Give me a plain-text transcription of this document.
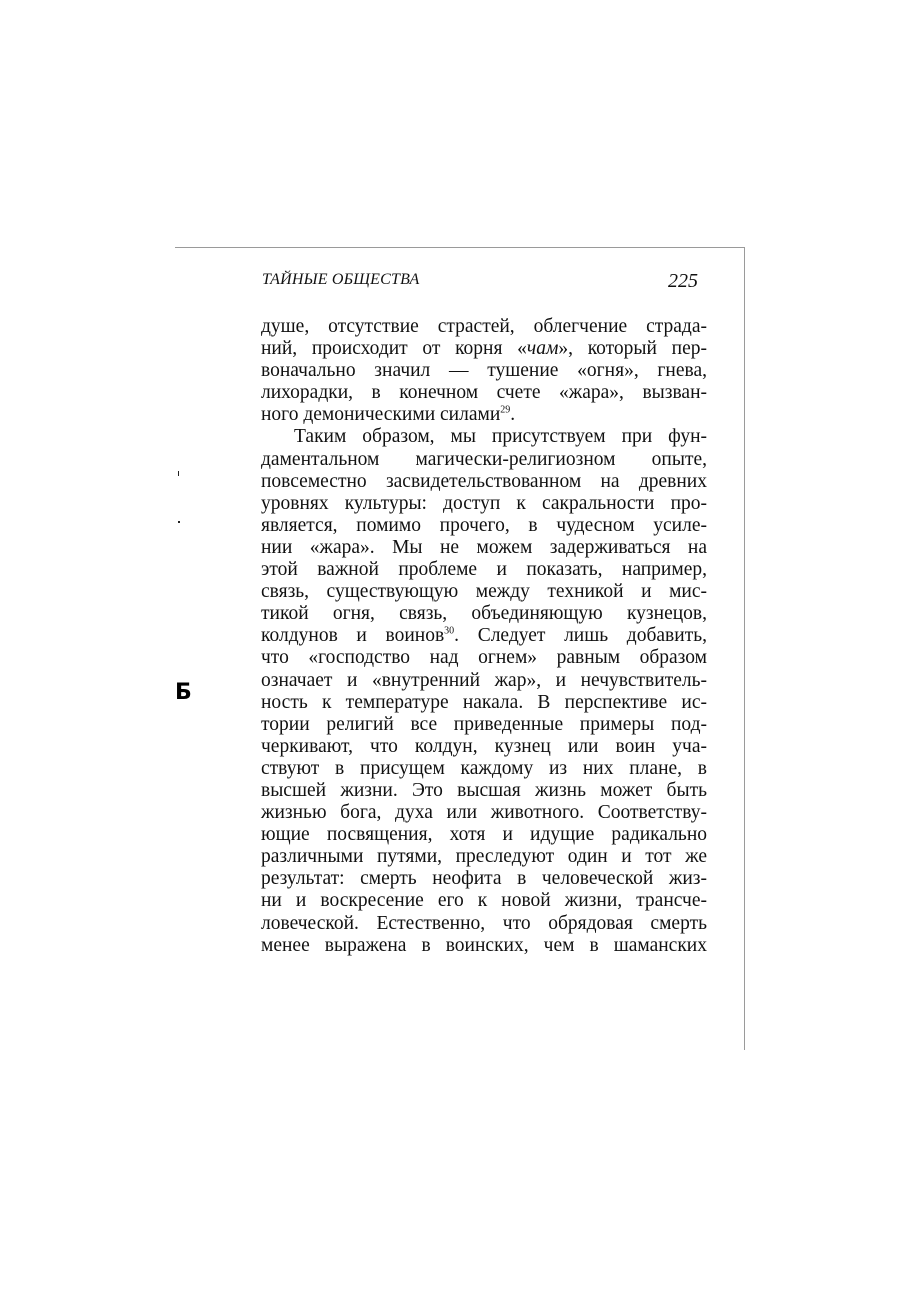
ТАЙНЫЕ ОБЩЕСТВА	225
Б
душе, отсутствие страстей, облегчение страда-
ний, происходит от корня «чам», который пер-
воначально значил — тушение «огня», гнева,
лихорадки, в конечном счете «жара», вызван-
ного демоническими силами$^{29}$.
Таким образом, мы присутствуем при фун-
даментальном магически-религиозном опыте,
повсеместно засвидетельствованном на древних
уровнях культуры: доступ к сакральности про-
является, помимо прочего, в чудесном усиле-
нии «жара». Мы не можем задерживаться на
этой важной проблеме и показать, например,
связь, существующую между техникой и мис-
тикой огня, связь, объединяющую кузнецов,
колдунов и воинов$^{30}$. Следует лишь добавить,
что «господство над огнем» равным образом
означает и «внутренний жар», и нечувствитель-
ность к температуре накала. В перспективе ис-
тории религий все приведенные примеры под-
черкивают, что колдун, кузнец или воин уча-
ствуют в присущем каждому из них плане, в
высшей жизни. Это высшая жизнь может быть
жизнью бога, духа или животного. Соответству-
ющие посвящения, хотя и идущие радикально
различными путями, преследуют один и тот же
результат: смерть неофита в человеческой жиз-
ни и воскресение его к новой жизни, трансче-
ловеческой. Естественно, что обрядовая смерть
менее выражена в воинских, чем в шаманских
